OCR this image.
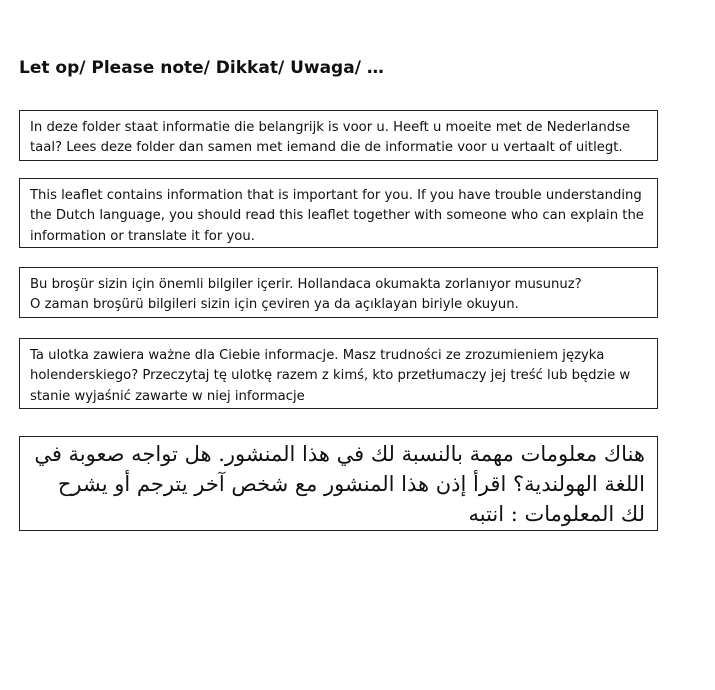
Let op/ Please note/ Dikkat/ Uwaga/ …

In deze folder staat informatie die belangrijk is voor u. Heeft u moeite met de Nederlandse taal? Lees deze folder dan samen met iemand die de informatie voor u vertaalt of uitlegt.

This leaflet contains information that is important for you. If you have trouble understanding the Dutch language, you should read this leaflet together with someone who can explain the information or translate it for you.

Bu broşür sizin için önemli bilgiler içerir. Hollandaca okumakta zorlanıyor musunuz?

O zaman broşürü bilgileri sizin için çeviren ya da açıklayan biriyle okuyun.

Ta ulotka zawiera ważne dla Ciebie informacje. Masz trudności ze zrozumieniem języka holenderskiego? Przeczytaj tę ulotkę razem z kimś, kto przetłumaczy jej treść lub będzie w stanie wyjaśnić zawarte w niej informacje

هناك معلومات مهمة بالنسبة لك في هذا المنشور. هل تواجه صعوبة في اللغة الهولندية؟ اقرأ إذن هذا المنشور مع شخص آخر يترجم أو يشرح لك المعلومات : انتبه
